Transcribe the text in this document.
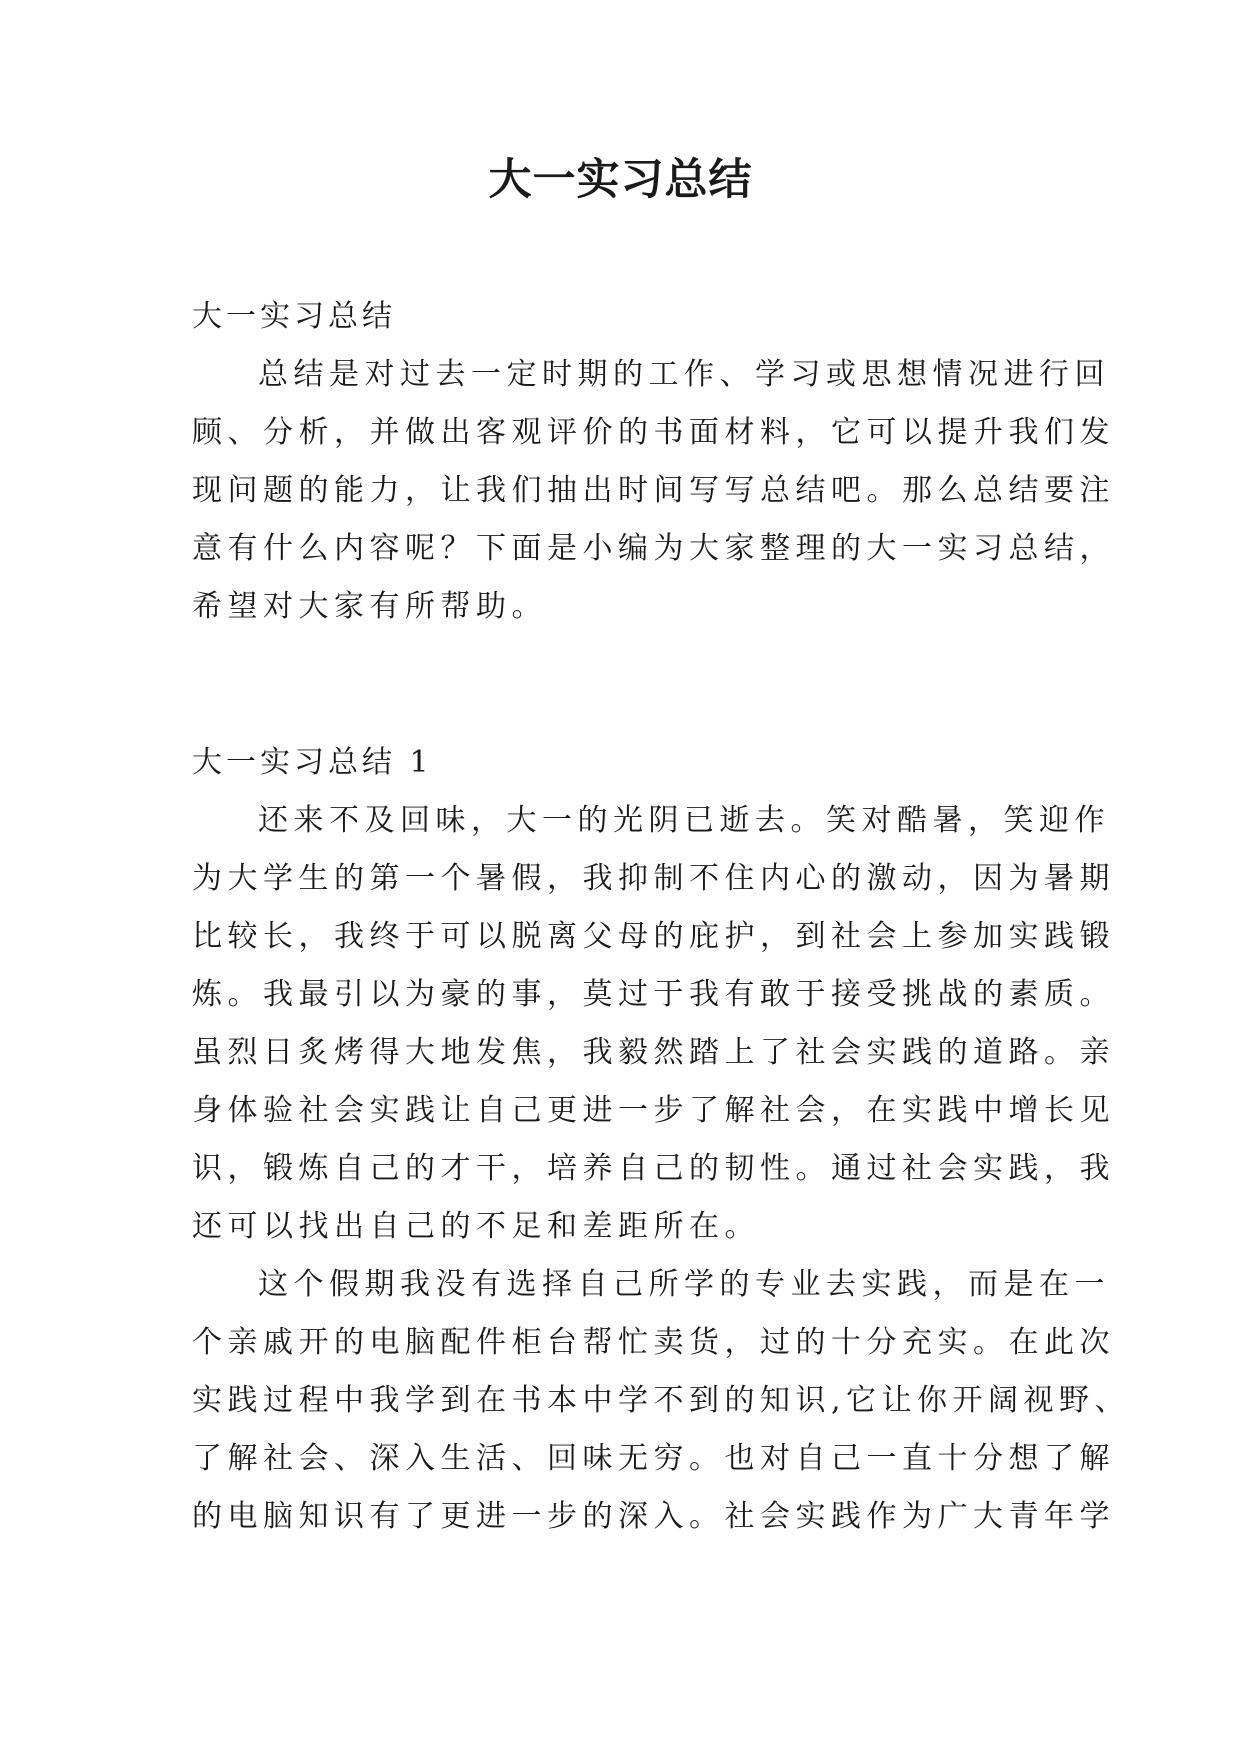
大一实习总结
大一实习总结
总结是对过去一定时期的工作、学习或思想情况进行回
顾、分析，并做出客观评价的书面材料，它可以提升我们发
现问题的能力，让我们抽出时间写写总结吧。那么总结要注
意有什么内容呢？下面是小编为大家整理的大一实习总结，
希望对大家有所帮助。
大一实习总结 1
还来不及回味，大一的光阴已逝去。笑对酷暑，笑迎作
为大学生的第一个暑假，我抑制不住内心的激动，因为暑期
比较长，我终于可以脱离父母的庇护，到社会上参加实践锻
炼。我最引以为豪的事，莫过于我有敢于接受挑战的素质。
虽烈日炙烤得大地发焦，我毅然踏上了社会实践的道路。亲
身体验社会实践让自己更进一步了解社会，在实践中增长见
识，锻炼自己的才干，培养自己的韧性。通过社会实践，我
还可以找出自己的不足和差距所在。
这个假期我没有选择自己所学的专业去实践，而是在一
个亲戚开的电脑配件柜台帮忙卖货，过的十分充实。在此次
实践过程中我学到在书本中学不到的知识,它让你开阔视野、
了解社会、深入生活、回味无穷。也对自己一直十分想了解
的电脑知识有了更进一步的深入。社会实践作为广大青年学
